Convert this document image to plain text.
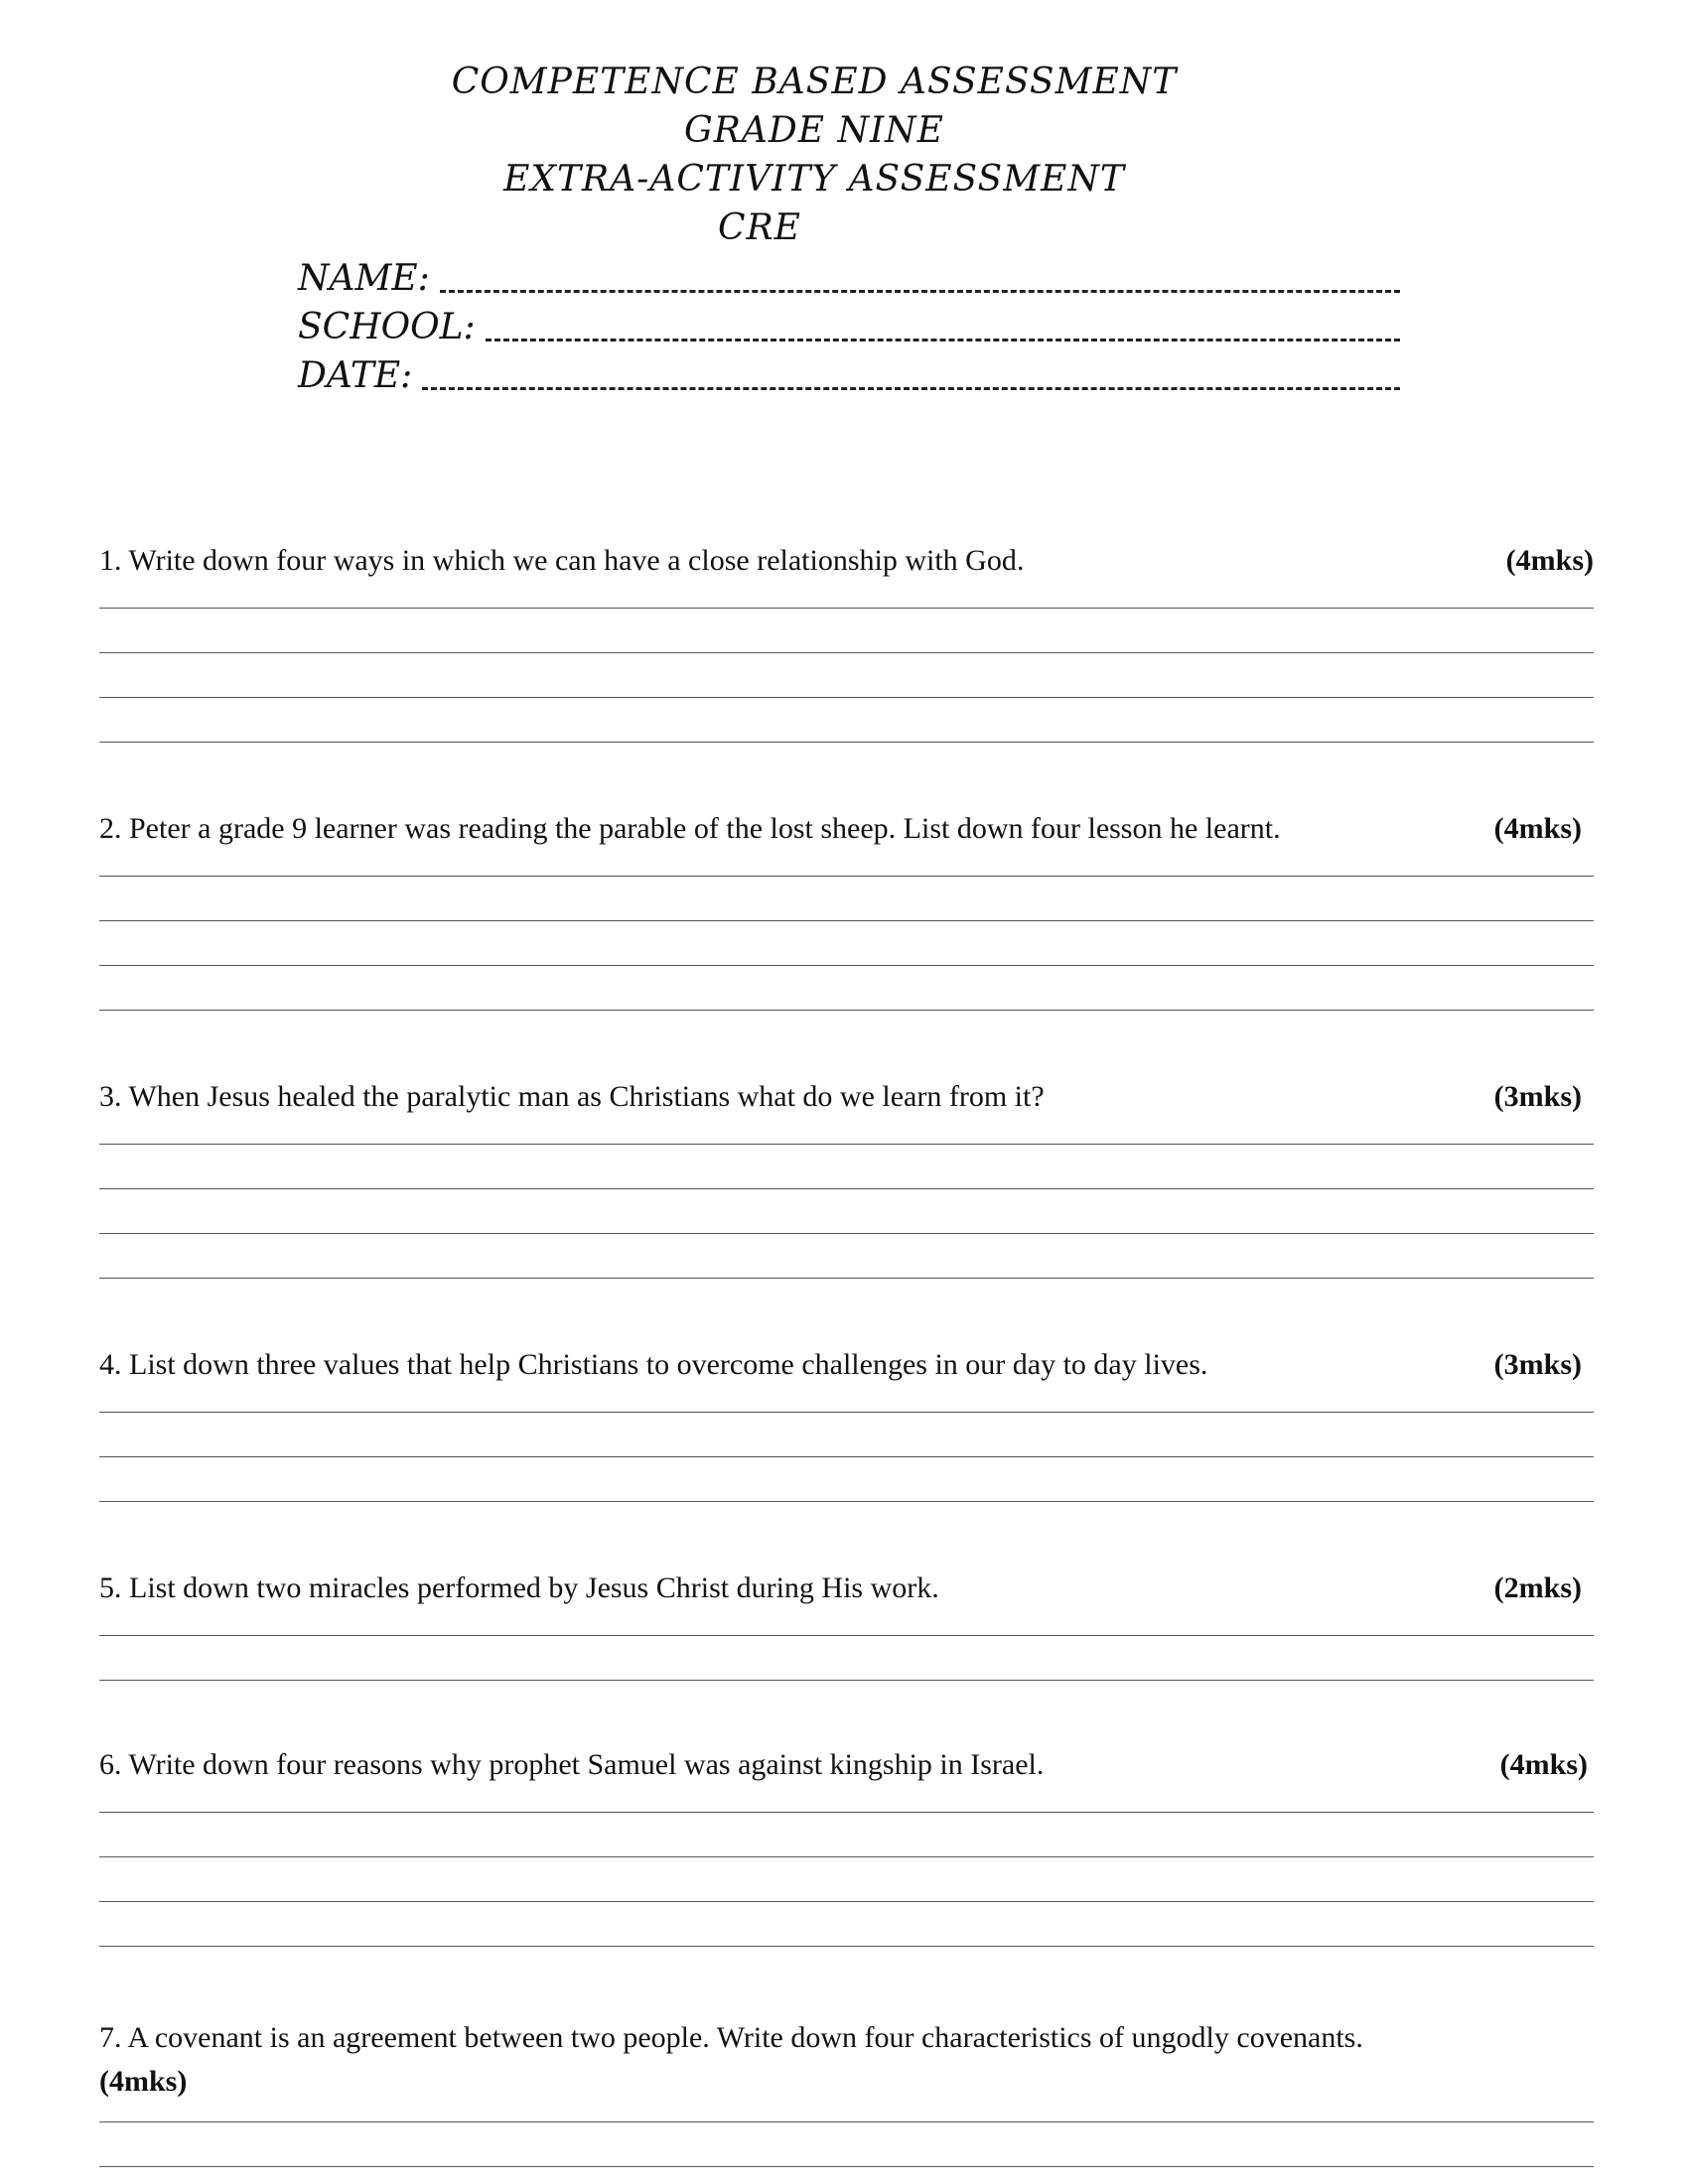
COMPETENCE BASED ASSESSMENT
GRADE NINE
EXTRA-ACTIVITY ASSESSMENT
CRE
NAME:
SCHOOL:
DATE:
1. Write down four ways in which we can have a close relationship with God.	(4mks)
2. Peter a grade 9 learner was reading the parable of the lost sheep. List down four lesson he learnt.	(4mks)
3. When Jesus healed the paralytic man as Christians what do we learn from it?	(3mks)
4. List down three values that help Christians to overcome challenges in our day to day lives.	(3mks)
5. List down two miracles performed by Jesus Christ during His work.	(2mks)
6. Write down four reasons why prophet Samuel was against kingship in Israel.	(4mks)
7. A covenant is an agreement between two people. Write down four characteristics of ungodly covenants.
(4mks)
